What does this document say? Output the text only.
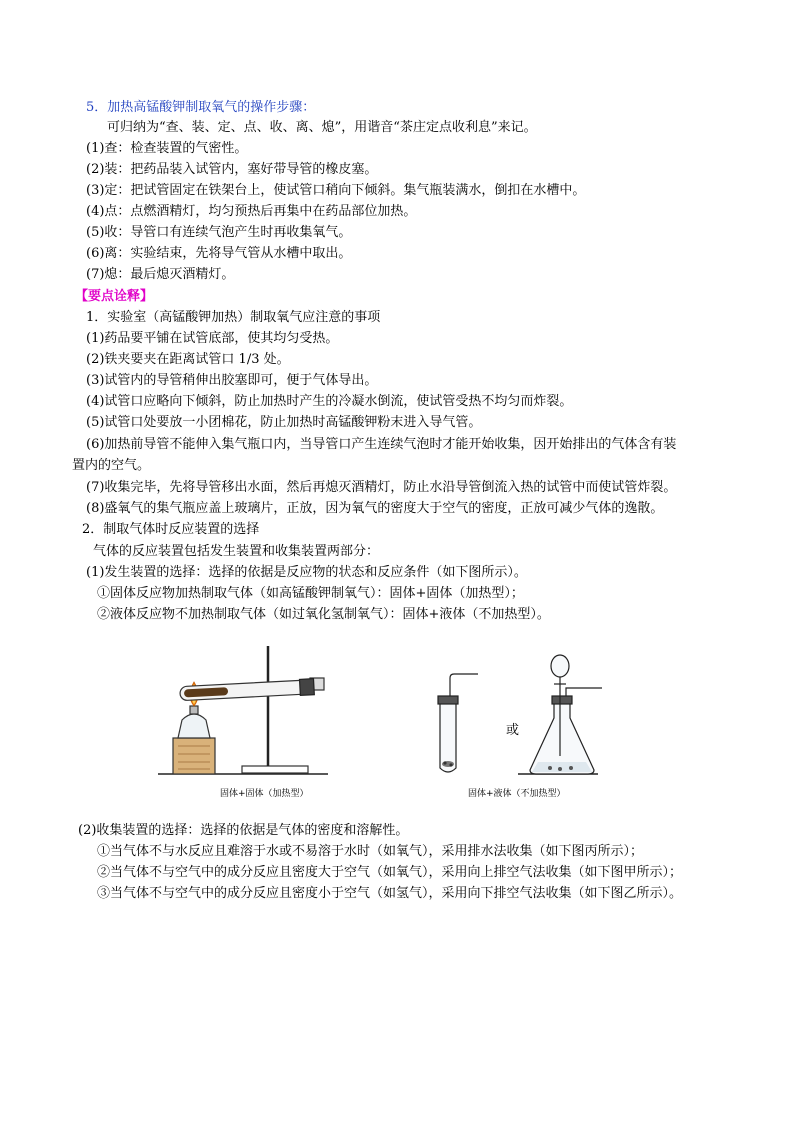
5．加热高锰酸钾制取氧气的操作步骤：
可归纳为“查、装、定、点、收、离、熄”，用谐音“茶庄定点收利息”来记。
(1)查：检查装置的气密性。
(2)装：把药品装入试管内，塞好带导管的橡皮塞。
(3)定：把试管固定在铁架台上，使试管口稍向下倾斜。集气瓶装满水，倒扣在水槽中。
(4)点：点燃酒精灯，均匀预热后再集中在药品部位加热。
(5)收：导管口有连续气泡产生时再收集氧气。
(6)离：实验结束，先将导气管从水槽中取出。
(7)熄：最后熄灭酒精灯。
【要点诠释】
1．实验室（高锰酸钾加热）制取氧气应注意的事项
(1)药品要平铺在试管底部，使其均匀受热。
(2)铁夹要夹在距离试管口 1/3 处。
(3)试管内的导管稍伸出胶塞即可，便于气体导出。
(4)试管口应略向下倾斜，防止加热时产生的冷凝水倒流，使试管受热不均匀而炸裂。
(5)试管口处要放一小团棉花，防止加热时高锰酸钾粉末进入导气管。
(6)加热前导管不能伸入集气瓶口内，当导管口产生连续气泡时才能开始收集，因开始排出的气体含有装
置内的空气。
(7)收集完毕，先将导管移出水面，然后再熄灭酒精灯，防止水沿导管倒流入热的试管中而使试管炸裂。
(8)盛氧气的集气瓶应盖上玻璃片，正放，因为氧气的密度大于空气的密度，正放可减少气体的逸散。
2．制取气体时反应装置的选择
气体的反应装置包括发生装置和收集装置两部分：
(1)发生装置的选择：选择的依据是反应物的状态和反应条件（如下图所示）。
①固体反应物加热制取气体（如高锰酸钾制氧气）：固体+固体（加热型）；
②液体反应物不加热制取气体（如过氧化氢制氧气）：固体+液体（不加热型）。
固体+固体（加热型）
或
固体+液体（不加热型）
(2)收集装置的选择：选择的依据是气体的密度和溶解性。
①当气体不与水反应且难溶于水或不易溶于水时（如氧气），采用排水法收集（如下图丙所示）；
②当气体不与空气中的成分反应且密度大于空气（如氧气），采用向上排空气法收集（如下图甲所示）；
③当气体不与空气中的成分反应且密度小于空气（如氢气），采用向下排空气法收集（如下图乙所示）。
